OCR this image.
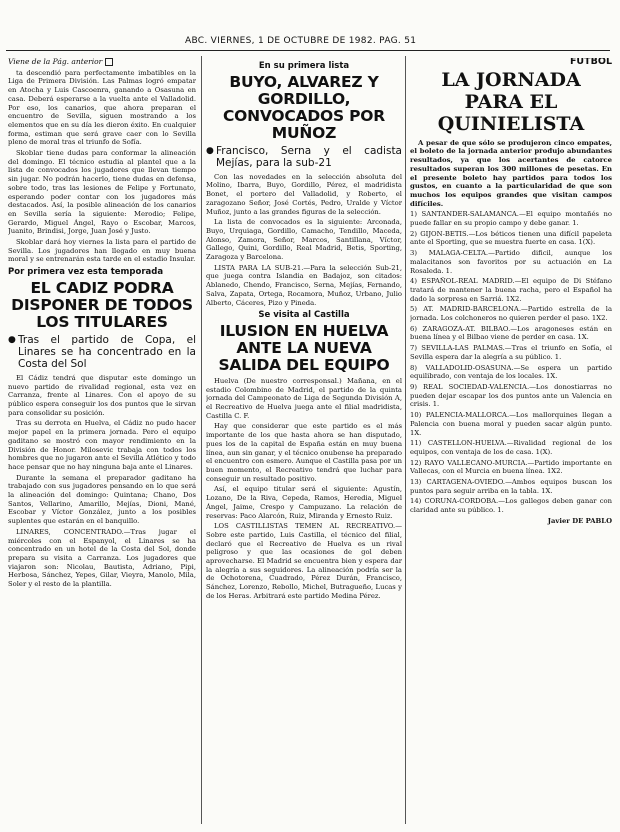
ABC. VIERNES, 1 DE OCTUBRE DE 1982. PAG. 51

Viene de la Pág. anterior

ta descendió para perfectamente imbatibles en la Liga de Primera División. Las Palmas logró empatar en Atocha y Luis Cascoenra, ganando a Osasuna en casa. Deberá esperarse a la vuelta ante el Valladolid. Por eso, los canarios, que ahora preparan el encuentro de Sevilla, siguen mostrando a los elementos que en su día les dieron éxito. En cualquier forma, estiman que será grave caer con lo Sevilla pleno de moral tras el triunfo de Sofía.

Skoblar tiene dudas para conformar la alineación del domingo. El técnico estudia al plantel que a la lista de convocados los jugadores que llevan tiempo sin jugar. No podrán hacerlo, tiene dudas en defensa, sobre todo, tras las lesiones de Felipe y Fortunato, esperando poder contar con los jugadores más destacados. Así, la posible alineación de los canarios en Sevilla sería la siguiente: Merodio; Felipe, Gerardo, Miguel Ángel, Rayo o Escobar, Marcos, Juanito, Brindisi, Jorge, Juan José y Justo.

Skoblar dará hoy viernes la lista para el partido de Sevilla. Los jugadores han llegado en muy buena moral y se entrenarán esta tarde en el estadio Insular.

Por primera vez esta temporada

EL CADIZ PODRA DISPONER DE TODOS LOS TITULARES

● Tras el partido de Copa, el Linares se ha concentrado en la Costa del Sol

El Cádiz tendrá que disputar este domingo un nuevo partido de rivalidad regional, esta vez en Carranza, frente al Linares. Con el apoyo de su público espera conseguir los dos puntos que le sirvan para consolidar su posición.

Tras su derrota en Huelva, el Cádiz no pudo hacer mejor papel en la primera jornada. Pero el equipo gaditano se mostró con mayor rendimiento en la División de Honor. Milosevic trabaja con todos los hombres que no jugaron ante el Sevilla Atlético y todo hace pensar que no hay ninguna baja ante el Linares.

Durante la semana el preparador gaditano ha trabajado con sus jugadores pensando en lo que será la alineación del domingo: Quintana; Chano, Dos Santos, Vellarino, Amarillo, Mejías, Dioni, Mané, Escobar y Víctor González, junto a los posibles suplentes que estarán en el banquillo.

LINARES, CONCENTRADO.—Tras jugar el miércoles con el Espanyol, el Linares se ha concentrado en un hotel de la Costa del Sol, donde prepara su visita a Carranza. Los jugadores que viajaron son: Nicolau, Bautista, Adriano, Pipi, Herbosa, Sánchez, Yepes, Gilar, Vieyra, Manolo, Mila, Soler y el resto de la plantilla.

En su primera lista

BUYO, ALVAREZ Y GORDILLO, CONVOCADOS POR MUÑOZ

● Francisco, Serna y el cadista Mejías, para la sub-21

Con las novedades en la selección absoluta del Molino, Ibarra, Buyo, Gordillo, Pérez, el madridista Bonet, el portero del Valladolid, y Roberto, el zaragozano Señor, José Cortés, Pedro, Uralde y Víctor Muñoz, junto a las grandes figuras de la selección.

La lista de convocados es la siguiente: Arconada, Buyo, Urquiaga, Gordillo, Camacho, Tendillo, Maceda, Alonso, Zamora, Señor, Marcos, Santillana, Víctor, Gallego, Quini, Gordillo, Real Madrid, Betis, Sporting, Zaragoza y Barcelona.

LISTA PARA LA SUB-21.—Para la selección Sub-21, que juega contra Islandia en Badajoz, son citados: Ablanedo, Chendo, Francisco, Serna, Mejías, Fernando, Salva, Zapata, Ortega, Rocamora, Muñoz, Urbano, Julio Alberto, Cáceres, Pizo y Pineda.

Se visita al Castilla

ILUSION EN HUELVA ANTE LA NUEVA SALIDA DEL EQUIPO

Huelva (De nuestro corresponsal.) Mañana, en el estadio Colombino de Madrid, el partido de la quinta jornada del Campeonato de Liga de Segunda División A, el Recreativo de Huelva juega ante el filial madridista, Castilla C. F.

Hay que considerar que este partido es el más importante de los que hasta ahora se han disputado, pues los de la capital de España están en muy buena línea, aun sin ganar, y el técnico onubense ha preparado el encuentro con esmero. Aunque el Castilla pasa por un buen momento, el Recreativo tendrá que luchar para conseguir un resultado positivo.

Así, el equipo titular será el siguiente: Agustín, Lozano, De la Riva, Cepeda, Ramos, Heredia, Miguel Ángel, Jaime, Crespo y Campuzano. La relación de reservas: Paco Alarcón, Ruiz, Miranda y Ernesto Ruiz.

LOS CASTILLISTAS TEMEN AL RECREATIVO.—Sobre este partido, Luis Castilla, el técnico del filial, declaró que el Recreativo de Huelva es un rival peligroso y que las ocasiones de gol deben aprovecharse. El Madrid se encuentra bien y espera dar la alegría a sus seguidores. La alineación podría ser la de Ochotorena, Cuadrado, Pérez Durán, Francisco, Sánchez, Lorenzo, Rebollo, Michel, Butragueño, Lucas y de los Heras. Arbitrará este partido Medina Pérez.

FUTBOL

LA JORNADA PARA EL QUINIELISTA

A pesar de que sólo se produjeron cinco empates, el boleto de la jornada anterior produjo abundantes resultados, ya que los acertantes de catorce resultados superan los 300 millones de pesetas. En el presente boleto hay partidos para todos los gustos, en cuanto a la particularidad de que son muchos los equipos grandes que visitan campos difíciles.

1) SANTANDER-SALAMANCA.—El equipo montañés no puede fallar en su propio campo y debe ganar. 1.

2) GIJON-BETIS.—Los béticos tienen una difícil papeleta ante el Sporting, que se muestra fuerte en casa. 1(X).

3) MALAGA-CELTA.—Partido dificil, aunque los malacitanos son favoritos por su actuación en La Rosaleda. 1.

4) ESPAÑOL-REAL MADRID.—El equipo de Di Stéfano tratará de mantener la buena racha, pero el Español ha dado la sorpresa en Sarriá. 1X2.

5) AT. MADRID-BARCELONA.—Partido estrella de la jornada. Los colchoneros no quieren perder el paso. 1X2.

6) ZARAGOZA-AT. BILBAO.—Los aragoneses están en buena línea y el Bilbao viene de perder en casa. 1X.

7) SEVILLA-LAS PALMAS.—Tras el triunfo en Sofía, el Sevilla espera dar la alegría a su público. 1.

8) VALLADOLID-OSASUNA.—Se espera un partido equilibrado, con ventaja de los locales. 1X.

9) REAL SOCIEDAD-VALENCIA.—Los donostiarras no pueden dejar escapar los dos puntos ante un Valencia en crisis. 1.

10) PALENCIA-MALLORCA.—Los mallorquines llegan a Palencia con buena moral y pueden sacar algún punto. 1X.

11) CASTELLON-HUELVA.—Rivalidad regional de los equipos, con ventaja de los de casa. 1(X).

12) RAYO VALLECANO-MURCIA.—Partido importante en Vallecas, con el Murcia en buena línea. 1X2.

13) CARTAGENA-OVIEDO.—Ambos equipos buscan los puntos para seguir arriba en la tabla. 1X.

14) CORUNA-CORDOBA.—Los gallegos deben ganar con claridad ante su público. 1.

Javier DE PABLO
